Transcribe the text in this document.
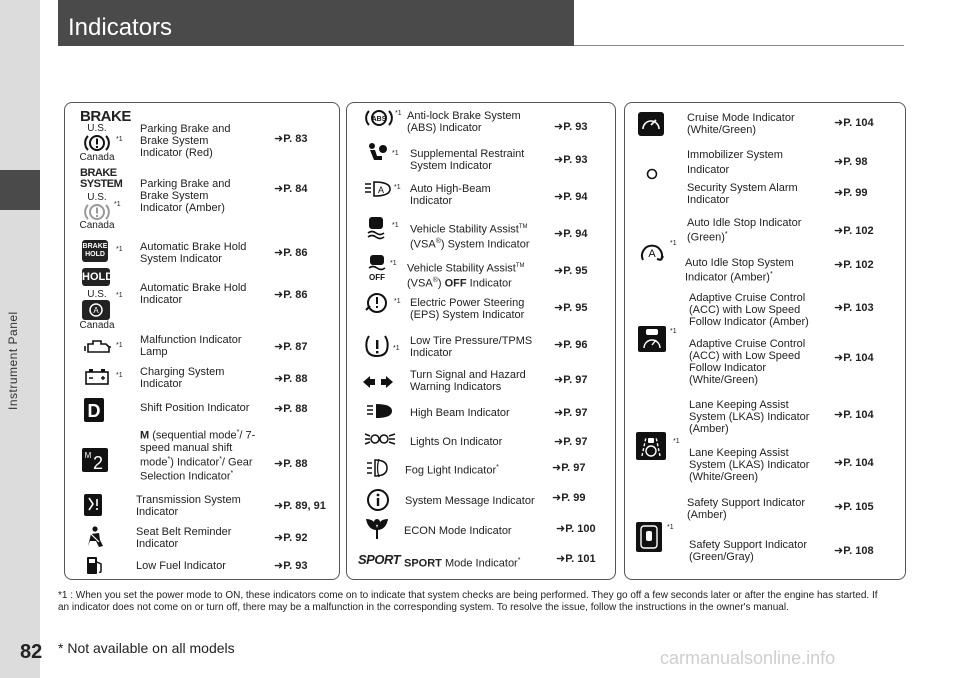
Instrument Panel
82
Indicators
BRAKE
U.S.
Canada
*1
Parking Brake and Brake System Indicator (Red)
➜P. 83
BRAKE SYSTEM
U.S.
Canada
*1
Parking Brake and Brake System Indicator (Amber)
➜P. 84
BRAKE HOLD
*1 Automatic Brake Hold System Indicator	➜P. 86
HOLD
U.S.
A
Canada
*1
Automatic Brake Hold Indicator	➜P. 86
*1 Malfunction Indicator Lamp	➜P. 87
*1 Charging System Indicator	➜P. 88
D	Shift Position Indicator	➜P. 88
M 2
M (sequential mode*/ 7-speed manual shift mode*) Indicator*/ Gear Selection Indicator*
➜P. 88
Transmission System Indicator	➜P. 89, 91
Seat Belt Reminder Indicator	➜P. 92
Low Fuel Indicator	➜P. 93
ABS
*1 Anti-lock Brake System (ABS) Indicator	➜P. 93
*1 Supplemental Restraint System Indicator	➜P. 93
A *1 Auto High-Beam Indicator	➜P. 94
*1 Vehicle Stability Assist™
(VSA®) System Indicator
➜P. 94
OFF
*1 Vehicle Stability Assist™
(VSA®) OFF Indicator
➜P. 95
*1 Electric Power Steering (EPS) System Indicator
➜P. 95
*1
Low Tire Pressure/TPMS Indicator
➜P. 96
Turn Signal and Hazard Warning Indicators
➜P. 97
High Beam Indicator	➜P. 97
Lights On Indicator	➜P. 97
Fog Light Indicator*	➜P. 97
System Message Indicator	➜P. 99
ECON Mode Indicator	➜P. 100
SPORT SPORT Mode Indicator*	➜P. 101
Cruise Mode Indicator (White/Green)
➜P. 104
Immobilizer System Indicator
➜P. 98
Security System Alarm Indicator
➜P. 99
A
*1
Auto Idle Stop Indicator (Green)*	➜P. 102
Auto Idle Stop System Indicator (Amber)*
➜P. 102
*1
Adaptive Cruise Control (ACC) with Low Speed Follow Indicator (Amber)
➜P. 103
Adaptive Cruise Control (ACC) with Low Speed Follow Indicator (White/Green)
➜P. 104
*1
Lane Keeping Assist System (LKAS) Indicator (Amber)
➜P. 104
Lane Keeping Assist System (LKAS) Indicator (White/Green)
➜P. 104
*1
Safety Support Indicator (Amber)
➜P. 105
Safety Support Indicator (Green/Gray)	➜P. 108
*1 : When you set the power mode to ON, these indicators come on to indicate that system checks are being performed. They go off a few seconds later or after the engine has started. If an indicator does not come on or turn off, there may be a malfunction in the corresponding system. To resolve the issue, follow the instructions in the owner's manual.
* Not available on all models	carmanualsonline.info
